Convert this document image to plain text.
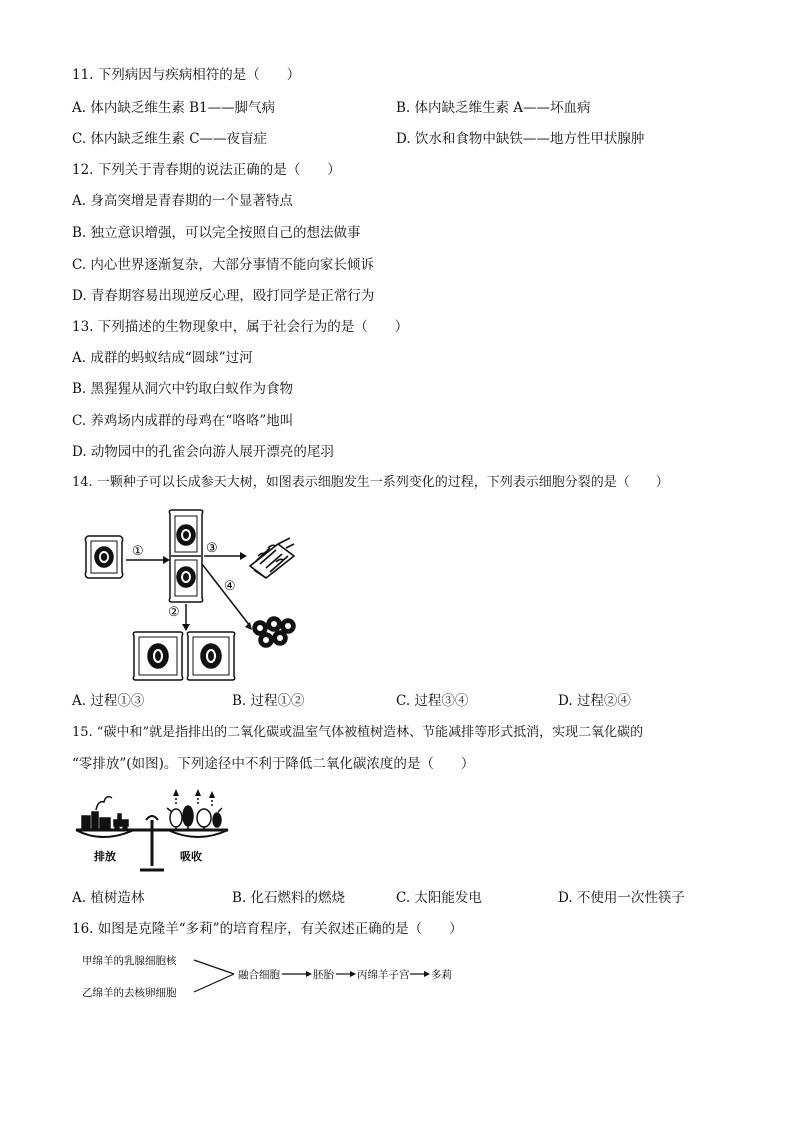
11. 下列病因与疾病相符的是（　　）
A. 体内缺乏维生素 B1——脚气病	B. 体内缺乏维生素 A——坏血病
C. 体内缺乏维生素 C——夜盲症	D. 饮水和食物中缺铁——地方性甲状腺肿
12. 下列关于青春期的说法正确的是（　　）
A. 身高突增是青春期的一个显著特点
B. 独立意识增强，可以完全按照自己的想法做事
C. 内心世界逐渐复杂，大部分事情不能向家长倾诉
D. 青春期容易出现逆反心理，殴打同学是正常行为
13. 下列描述的生物现象中，属于社会行为的是（　　）
A. 成群的蚂蚁结成“圆球”过河
B. 黑猩猩从洞穴中钓取白蚁作为食物
C. 养鸡场内成群的母鸡在“咯咯”地叫
D. 动物园中的孔雀会向游人展开漂亮的尾羽
14. 一颗种子可以长成参天大树，如图表示细胞发生一系列变化的过程，下列表示细胞分裂的是（　　）
①
②
③
④
A. 过程①③	B. 过程①②	C. 过程③④	D. 过程②④
15. “碳中和”就是指排出的二氧化碳或温室气体被植树造林、节能减排等形式抵消，实现二氧化碳的
“零排放”(如图)。下列途径中不利于降低二氧化碳浓度的是（　　）
排放	吸收
A. 植树造林	B. 化石燃料的燃烧	C. 太阳能发电	D. 不使用一次性筷子
16. 如图是克隆羊“多莉”的培育程序，有关叙述正确的是（　　）
甲绵羊的乳腺细胞核
乙绵羊的去核卵细胞
融合细胞	胚胎 丙绵羊子宫 多莉
